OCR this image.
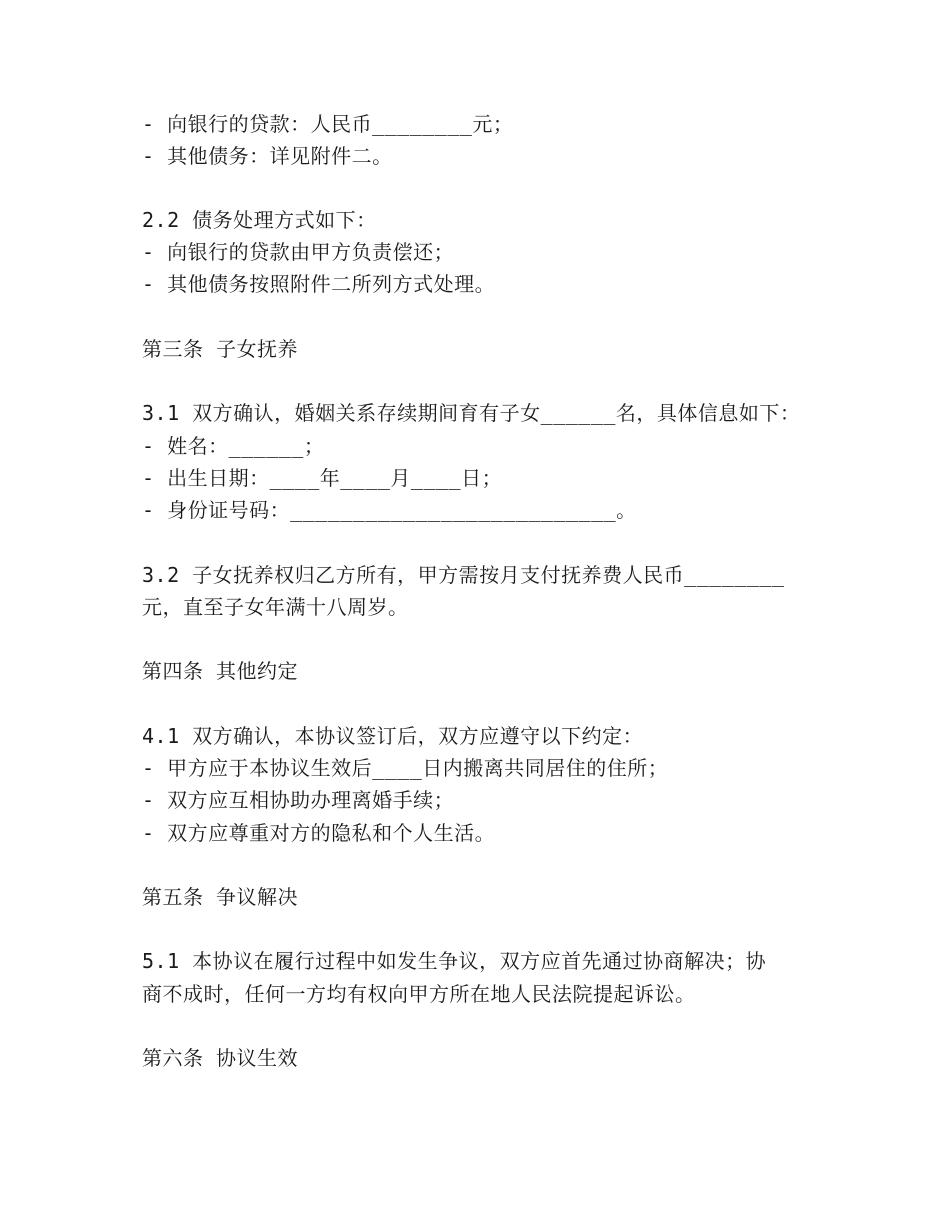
- 向银行的贷款：人民币________元；
- 其他债务：详见附件二。
2.2 债务处理方式如下：
- 向银行的贷款由甲方负责偿还；
- 其他债务按照附件二所列方式处理。
第三条 子女抚养
3.1 双方确认，婚姻关系存续期间育有子女______名，具体信息如下：
- 姓名：______；
- 出生日期：____年____月____日；
- 身份证号码：__________________________。
3.2 子女抚养权归乙方所有，甲方需按月支付抚养费人民币________
元，直至子女年满十八周岁。
第四条 其他约定
4.1 双方确认，本协议签订后，双方应遵守以下约定：
- 甲方应于本协议生效后____日内搬离共同居住的住所；
- 双方应互相协助办理离婚手续；
- 双方应尊重对方的隐私和个人生活。
第五条 争议解决
5.1 本协议在履行过程中如发生争议，双方应首先通过协商解决；协
商不成时，任何一方均有权向甲方所在地人民法院提起诉讼。
第六条 协议生效
